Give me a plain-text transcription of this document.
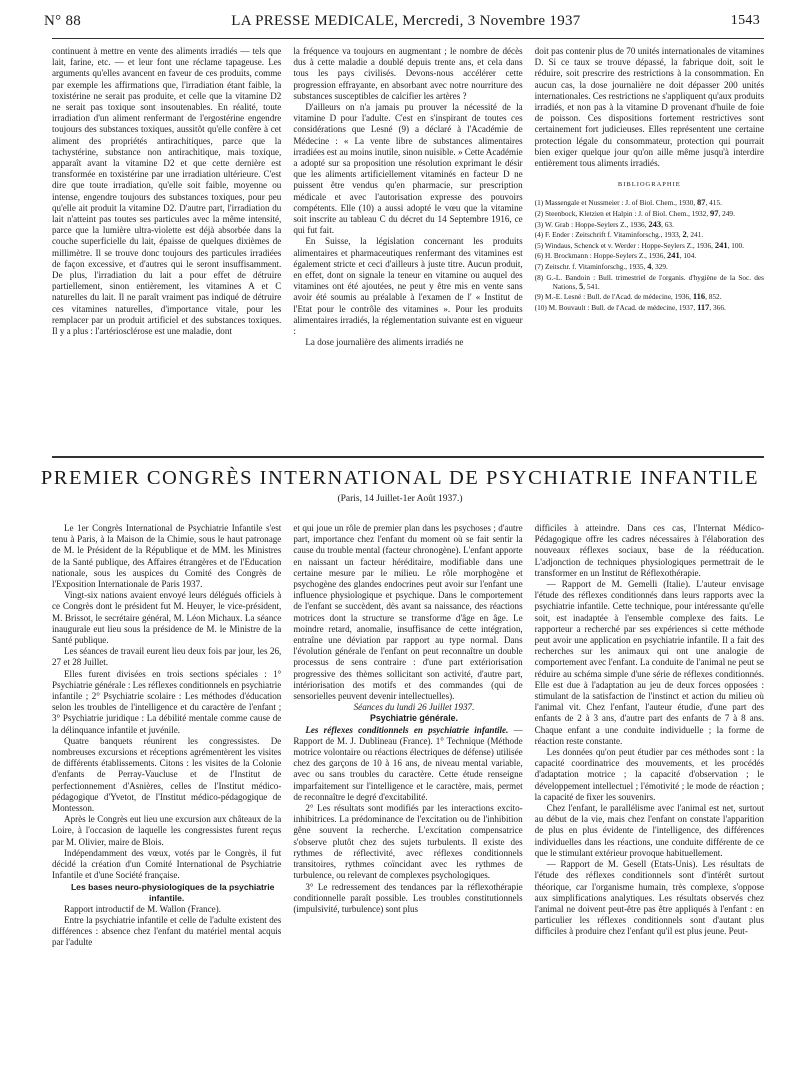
N° 88	LA PRESSE MEDICALE, Mercredi, 3 Novembre 1937	1543

continuent à mettre en vente des aliments irradiés — tels que lait, farine, etc. — et leur font une réclame tapageuse. Les arguments qu'elles avancent en faveur de ces produits, comme par exemple les affirmations que, l'irradiation étant faible, la toxistérine ne serait pas produite, et celle que la vitamine D2 ne serait pas toxique sont insoutenables. En réalité, toute irradiation d'un aliment renfermant de l'ergostérine engendre toujours des substances toxiques, aussitôt qu'elle confère à cet aliment des propriétés antirachitiques, parce que la tachystérine, substance non antirachitique, mais toxique, apparaît avant la vitamine D2 et que cette dernière est transformée en toxistérine par une irradiation ultérieure. C'est dire que toute irradiation, qu'elle soit faible, moyenne ou intense, engendre toujours des substances toxiques, pour peu qu'elle ait produit la vitamine D2. D'autre part, l'irradiation du lait n'atteint pas toutes ses particules avec la même intensité, parce que la lumière ultra-violette est déjà absorbée dans la couche superficielle du lait, épaisse de quelques dixièmes de millimètre. Il se trouve donc toujours des particules irradiées de façon excessive, et d'autres qui le seront insuffisamment. De plus, l'irradiation du lait a pour effet de détruire partiellement, sinon entièrement, les vitamines A et C naturelles du lait. Il ne paraît vraiment pas indiqué de détruire ces vitamines naturelles, d'importance vitale, pour les remplacer par un produit artificiel et des substances toxiques. Il y a plus : l'artériosclérose est une maladie, dont

la fréquence va toujours en augmentant ; le nombre de décès dus à cette maladie a doublé depuis trente ans, et cela dans tous les pays civilisés. Devons-nous accélérer cette progression effrayante, en absorbant avec notre nourriture des substances susceptibles de calcifier les artères ?

D'ailleurs on n'a jamais pu prouver la nécessité de la vitamine D pour l'adulte. C'est en s'inspirant de toutes ces considérations que Lesné (9) a déclaré à l'Académie de Médecine : « La vente libre de substances alimentaires irradiées est au moins inutile, sinon nuisible. » Cette Académie a adopté sur sa proposition une résolution exprimant le désir que les aliments artificiellement vitaminés en facteur D ne puissent être vendus qu'en pharmacie, sur prescription médicale et avec l'autorisation expresse des pouvoirs compétents. Elle (10) a aussi adopté le vœu que la vitamine soit inscrite au tableau C du décret du 14 Septembre 1916, ce qui fut fait.

En Suisse, la législation concernant les produits alimentaires et pharmaceutiques renfermant des vitamines est également stricte et ceci d'ailleurs à juste titre. Aucun produit, en effet, dont on signale la teneur en vitamine ou auquel des vitamines ont été ajoutées, ne peut y être mis en vente sans avoir été soumis au préalable à l'examen de l' « Institut de l'Etat pour le contrôle des vitamines ». Pour les produits alimentaires irradiés, la réglementation suivante est en vigueur :

La dose journalière des aliments irradiés ne

doit pas contenir plus de 70 unités internationales de vitamines D. Si ce taux se trouve dépassé, la fabrique doit, soit le réduire, soit prescrire des restrictions à la consommation. En aucun cas, la dose journalière ne doit dépasser 200 unités internationales. Ces restrictions ne s'appliquent qu'aux produits irradiés, et non pas à la vitamine D provenant d'huile de foie de poisson. Ces dispositions fortement restrictives sont certainement fort judicieuses. Elles représentent une certaine protection légale du consommateur, protection qui pourrait bien exiger quelque jour qu'on aille même jusqu'à interdire entièrement tous aliments irradiés.

BIBLIOGRAPHIE
(1) Massengale et Nussmeier : J. of Biol. Chem., 1930, 87, 415.
(2) Steenbock, Kletzien et Halpin : J. of Biol. Chem., 1932, 97, 249.
(3) W. Grab : Hoppe-Seylers Z., 1936, 243, 63.
(4) F. Ender : Zeitschrift f. Vitaminforschg., 1933, 2, 241.
(5) Windaus, Schenck et v. Werder : Hoppe-Seylers Z., 1936, 241, 100.
(6) H. Brockmann : Hoppe-Seylers Z., 1936, 241, 104.
(7) Zeitschr. f. Vitaminforschg., 1935, 4, 329.
(8) G.-L. Bandoin : Bull. trimestriel de l'organis. d'hygiène de la Soc. des Nations, 5, 541.
(9) M.-E. Lesné : Bull. de l'Acad. de médecine, 1936, 116, 852.
(10) M. Bouvault : Bull. de l'Acad. de médecine, 1937, 117, 366.
PREMIER CONGRÈS INTERNATIONAL DE PSYCHIATRIE INFANTILE
(Paris, 14 Juillet-1er Août 1937.)

Le 1er Congrès International de Psychiatrie Infantile s'est tenu à Paris, à la Maison de la Chimie, sous le haut patronage de M. le Président de la République et de MM. les Ministres de la Santé publique, des Affaires étrangères et de l'Education nationale, sous les auspices du Comité des Congrès de l'Exposition Internationale de Paris 1937.

Vingt-six nations avaient envoyé leurs délégués officiels à ce Congrès dont le président fut M. Heuyer, le vice-président, M. Brissot, le secrétaire général, M. Léon Michaux. La séance inaugurale eut lieu sous la présidence de M. le Ministre de la Santé publique.

Les séances de travail eurent lieu deux fois par jour, les 26, 27 et 28 Juillet.

Elles furent divisées en trois sections spéciales : 1° Psychiatrie générale : Les réflexes conditionnels en psychiatrie infantile ; 2° Psychiatrie scolaire : Les méthodes d'éducation selon les troubles de l'intelligence et du caractère de l'enfant ; 3° Psychiatrie juridique : La débilité mentale comme cause de la délinquance infantile et juvénile.

Quatre banquets réunirent les congressistes. De nombreuses excursions et réceptions agrémentèrent les visites de différents établissements. Citons : les visites de la Colonie d'enfants de Perray-Vaucluse et de l'Institut de perfectionnement d'Asnières, celles de l'Institut médico-pédagogique d'Yvetot, de l'Institut médico-pédagogique de Montesson.

Après le Congrès eut lieu une excursion aux châteaux de la Loire, à l'occasion de laquelle les congressistes furent reçus par M. Olivier, maire de Blois.

Indépendamment des vœux, votés par le Congrès, il fut décidé la création d'un Comité International de Psychiatrie Infantile et d'une Société française.

Les bases neuro-physiologiques de la psychiatrie infantile.

Rapport introductif de M. Wallon (France).

Entre la psychiatrie infantile et celle de l'adulte existent des différences : absence chez l'enfant du matériel mental acquis par l'adulte

et qui joue un rôle de premier plan dans les psychoses ; d'autre part, importance chez l'enfant du moment où se fait sentir la cause du trouble mental (facteur chronogène). L'enfant apporte en naissant un facteur héréditaire, modifiable dans une certaine mesure par le milieu. Le rôle morphogène et psychogène des glandes endocrines peut avoir sur l'enfant une influence physiologique et psychique. Dans le comportement de l'enfant se succèdent, dès avant sa naissance, des réactions motrices dont la structure se transforme d'âge en âge. Le moindre retard, anomalie, insuffisance de cette intégration, entraîne une déviation par rapport au type normal. Dans l'évolution générale de l'enfant on peut reconnaître un double processus de sens contraire : d'une part extériorisation progressive des thèmes sollicitant son activité, d'autre part, intériorisation des motifs et des commandes (qui de sensorielles peuvent devenir intellectuelles).

Séances du lundi 26 Juillet 1937.

Psychiatrie générale.

Les réflexes conditionnels en psychiatrie infantile. — Rapport de M. J. Dublineau (France). 1° Technique (Méthode motrice volontaire ou réactions électriques de défense) utilisée chez des garçons de 10 à 16 ans, de niveau mental variable, avec ou sans troubles du caractère. Cette étude renseigne imparfaitement sur l'intelligence et le caractère, mais, permet de reconnaître le degré d'excitabilité.

2° Les résultats sont modifiés par les interactions excito-inhibitrices. La prédominance de l'excitation ou de l'inhibition gêne souvent la recherche. L'excitation compensatrice s'observe plutôt chez des sujets turbulents. Il existe des rythmes de réflectivité, avec réflexes conditionnels transitoires, rythmes coïncidant avec les rythmes de turbulence, ou relevant de complexes psychologiques.

3° Le redressement des tendances par la réflexothérapie conditionnelle paraît possible. Les troubles constitutionnels (impulsivité, turbulence) sont plus

difficiles à atteindre. Dans ces cas, l'Internat Médico-Pédagogique offre les cadres nécessaires à l'élaboration des nouveaux réflexes sociaux, base de la rééducation. L'adjonction de techniques physiologiques permettrait de le transformer en un Institut de Réflexothérapie.

— Rapport de M. Gemelli (Italie). L'auteur envisage l'étude des réflexes conditionnés dans leurs rapports avec la psychiatrie infantile. Cette technique, pour intéressante qu'elle soit, est inadaptée à l'ensemble complexe des faits. Le rapporteur a recherché par ses expériences si cette méthode peut avoir une application en psychiatrie infantile. Il a fait des recherches sur les animaux qui ont une analogie de comportement avec l'enfant. La conduite de l'animal ne peut se réduire au schéma simple d'une série de réflexes conditionnés. Elle est due à l'adaptation au jeu de deux forces opposées : stimulant de la satisfaction de l'instinct et action du milieu où l'animal vit. Chez l'enfant, l'auteur étudie, d'une part des enfants de 2 à 3 ans, d'autre part des enfants de 7 à 8 ans. Chaque enfant a une conduite individuelle ; la forme de réaction reste constante.

Les données qu'on peut étudier par ces méthodes sont : la capacité coordinatrice des mouvements, et les procédés d'adaptation motrice ; la capacité d'observation ; le développement intellectuel ; l'émotivité ; le mode de réaction ; la capacité de fixer les souvenirs.

Chez l'enfant, le parallélisme avec l'animal est net, surtout au début de la vie, mais chez l'enfant on constate l'apparition de plus en plus évidente de l'intelligence, des différences individuelles dans les réactions, une conduite différente de ce que le stimulant extérieur provoque habituellement.

— Rapport de M. Gesell (Etats-Unis). Les résultats de l'étude des réflexes conditionnels sont d'intérêt surtout théorique, car l'organisme humain, très complexe, s'oppose aux simplifications analytiques. Les résultats observés chez l'animal ne doivent peut-être pas être appliqués à l'enfant : en particulier les réflexes conditionnels sont d'autant plus difficiles à produire chez l'enfant qu'il est plus jeune. Peut-
